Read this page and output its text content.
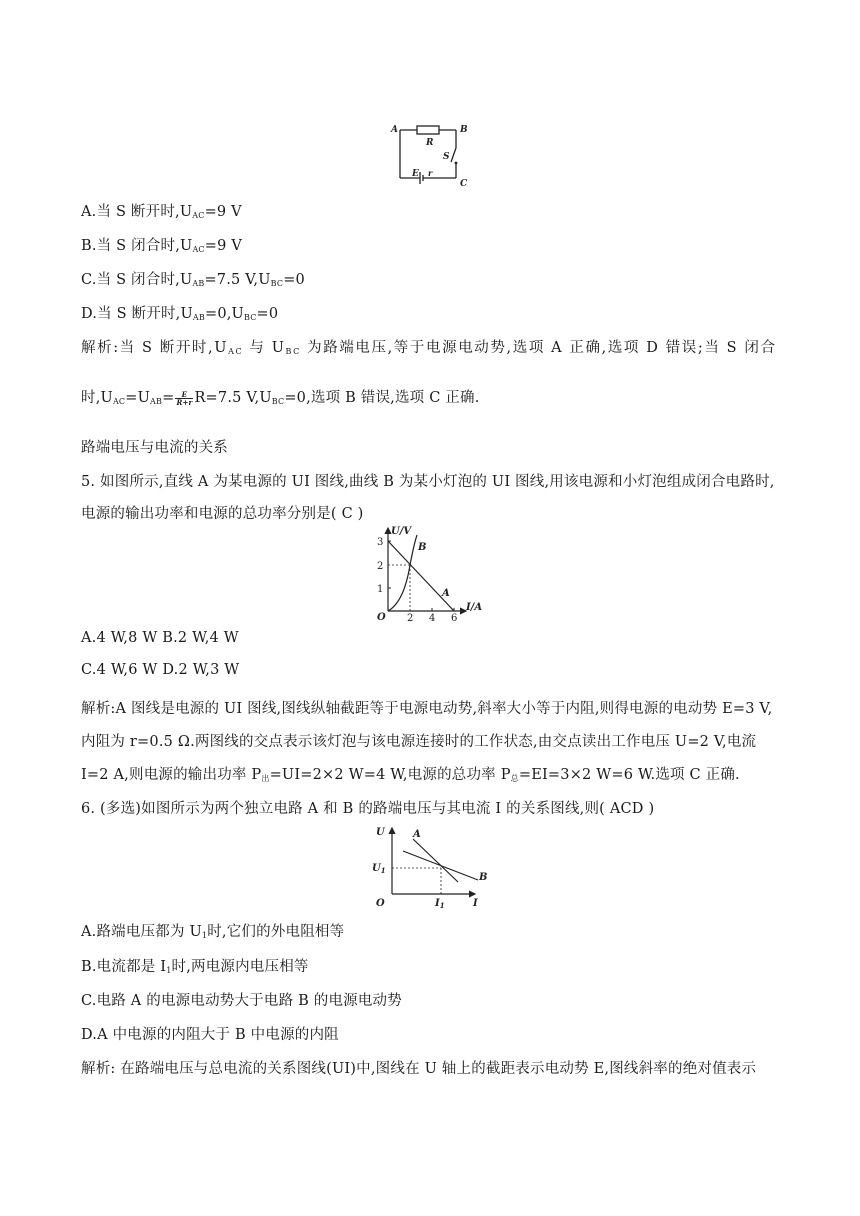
A	B
R
S
E r
C
A.当 S 断开时$,U_{AC}=9$ V
B.当 S 闭合时$,U_{AC}=9$ V
C.当 S 闭合时$,U_{AB}=7.5$ $V,U_{BC}=0$
D.当 S 断开时$,U_{AB}=0,U_{BC}=0$
解析:当 S 断开时$,U_{AC}$ 与 $U_{BC}$ 为路端电压,等于电源电动势,选项 A 正确,选项 D 错误;当 S 闭合
时$,U_{AC}=U_{AB}= \frac{E}{R+r} R=7.5$ $V,U_{BC}=0$,选项 B 错误,选项 C 正确.
路端电压与电流的关系
5. 如图所示,直线 A 为某电源的 UI 图线,曲线 B 为某小灯泡的 UI 图线,用该电源和小灯泡组成闭合电路时,
电源的输出功率和电源的总功率分别是( C )
U/V
I/A
O
3
2
1
2 4 6
A
B
A.4 W,8 W B.2 W,4 W
C.4 W,6 W D.2 W,3 W
解析:A 图线是电源的 UI 图线,图线纵轴截距等于电源电动势,斜率大小等于内阻,则得电源的电动势 E=3 V,
内阻为 r=0.5 Ω.两图线的交点表示该灯泡与该电源连接时的工作状态,由交点读出工作电压 U=2 V,电流
I=2 A,则电源的输出功率 $P_出=UI=2\times 2$ W=4 W,电源的总功率 $P_总=EI=3\times 2$ W=6 W.选项 C 正确.
6. (多选)如图所示为两个独立电路 A 和 B 的路端电压与其电流 I 的关系图线,则( ACD )
U
I
O
$U_1$
$I_1$
A
B
A.路端电压都为 $U_1$时,它们的外电阻相等
B.电流都是 $I_1$时,两电源内电压相等
C.电路 A 的电源电动势大于电路 B 的电源电动势
D.A 中电源的内阻大于 B 中电源的内阻
解析: 在路端电压与总电流的关系图线(UI)中,图线在 U 轴上的截距表示电动势 E,图线斜率的绝对值表示
